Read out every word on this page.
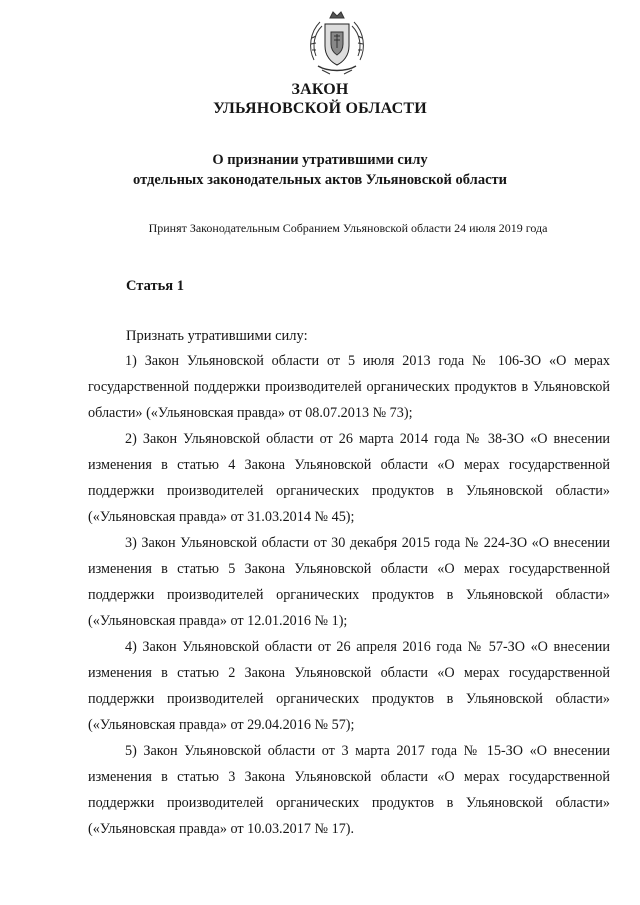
ЗАКОН
УЛЬЯНОВСКОЙ ОБЛАСТИ
О признании утратившими силу
отдельных законодательных актов Ульяновской области
Принят Законодательным Собранием Ульяновской области 24 июля 2019 года
Статья 1
Признать утратившими силу:

1) Закон Ульяновской области от 5 июля 2013 года № 106-ЗО «О мерах государственной поддержки производителей органических продуктов в Ульяновской области» («Ульяновская правда» от 08.07.2013 № 73);

2) Закон Ульяновской области от 26 марта 2014 года № 38-ЗО «О внесении изменения в статью 4 Закона Ульяновской области «О мерах государственной поддержки производителей органических продуктов в Ульяновской области» («Ульяновская правда» от 31.03.2014 № 45);

3) Закон Ульяновской области от 30 декабря 2015 года № 224-ЗО «О внесении изменения в статью 5 Закона Ульяновской области «О мерах государственной поддержки производителей органических продуктов в Ульяновской области» («Ульяновская правда» от 12.01.2016 № 1);

4) Закон Ульяновской области от 26 апреля 2016 года № 57-ЗО «О внесении изменения в статью 2 Закона Ульяновской области «О мерах государственной поддержки производителей органических продуктов в Ульяновской области» («Ульяновская правда» от 29.04.2016 № 57);

5) Закон Ульяновской области от 3 марта 2017 года № 15-ЗО «О внесении изменения в статью 3 Закона Ульяновской области «О мерах государственной поддержки производителей органических продуктов в Ульяновской области» («Ульяновская правда» от 10.03.2017 № 17).
